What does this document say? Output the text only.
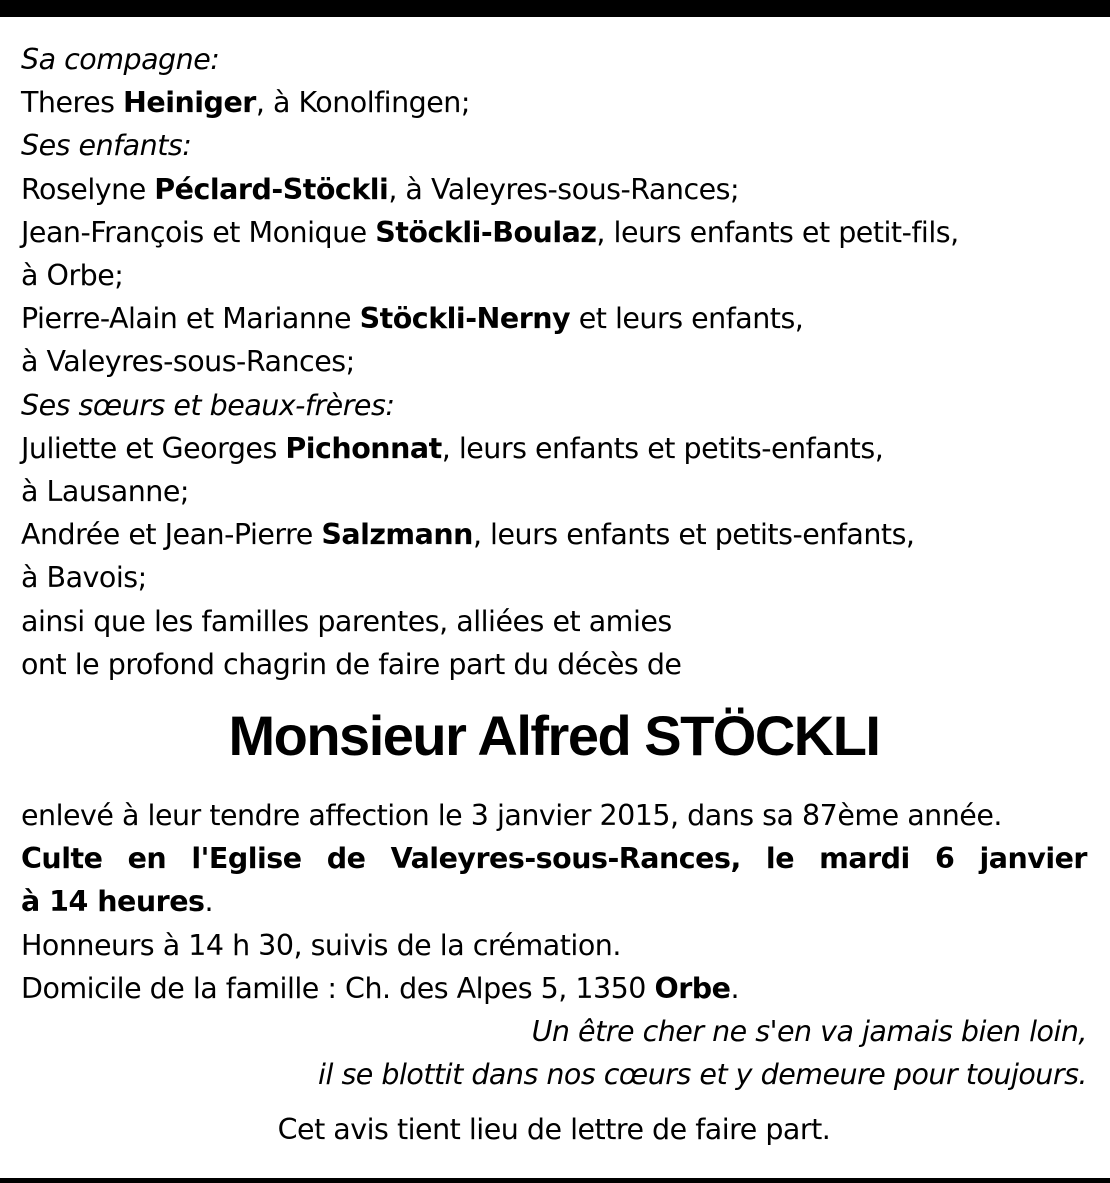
Sa compagne:
Theres Heiniger, à Konolfingen;
Ses enfants:
Roselyne Péclard-Stöckli, à Valeyres-sous-Rances;
Jean-François et Monique Stöckli-Boulaz, leurs enfants et petit-fils,
à Orbe;
Pierre-Alain et Marianne Stöckli-Nerny et leurs enfants,
à Valeyres-sous-Rances;
Ses sœurs et beaux-frères:
Juliette et Georges Pichonnat, leurs enfants et petits-enfants,
à Lausanne;
Andrée et Jean-Pierre Salzmann, leurs enfants et petits-enfants,
à Bavois;
ainsi que les familles parentes, alliées et amies
ont le profond chagrin de faire part du décès de
Monsieur Alfred STÖCKLI
enlevé à leur tendre affection le 3 janvier 2015, dans sa 87ème année.
Culte en l'Eglise de Valeyres-sous-Rances, le mardi 6 janvier
à 14 heures.
Honneurs à 14 h 30, suivis de la crémation.
Domicile de la famille : Ch. des Alpes 5, 1350 Orbe.
Un être cher ne s'en va jamais bien loin,
il se blottit dans nos cœurs et y demeure pour toujours.
Cet avis tient lieu de lettre de faire part.
